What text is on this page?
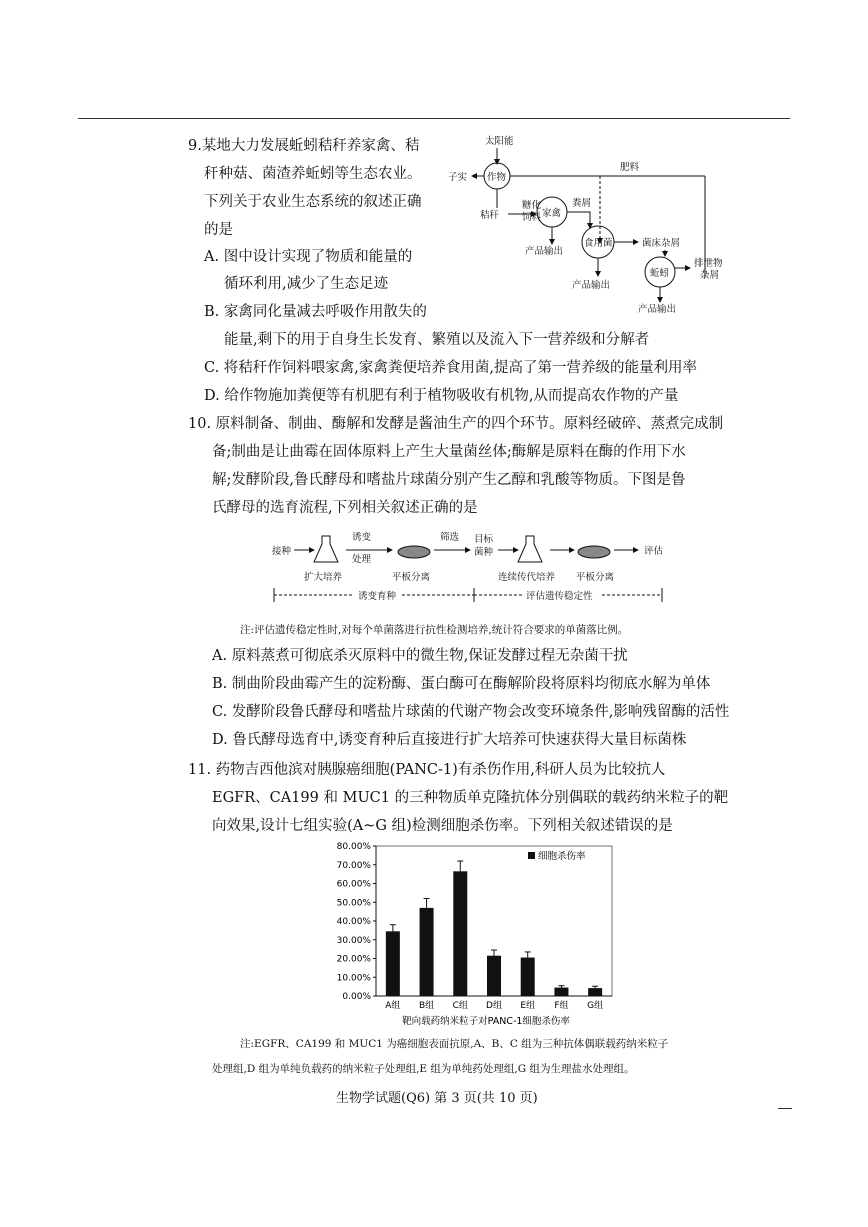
9.某地大力发展蚯蚓秸秆养家禽、秸
秆种菇、菌渣养蚯蚓等生态农业。
下列关于农业生态系统的叙述正确
的是
A. 图中设计实现了物质和能量的
循环利用,减少了生态足迹
B. 家禽同化量减去呼吸作用散失的
能量,剩下的用于自身生长发育、繁殖以及流入下一营养级和分解者
C. 将秸秆作饲料喂家禽,家禽粪便培养食用菌,提高了第一营养级的能量利用率
D. 给作物施加粪便等有机肥有利于植物吸收有机物,从而提高农作物的产量
太阳能
作物
子实
肥料
秸秆
糖化
饲料 家禽
产品输出
粪屑
食用菌	菌床杂屑
产品输出
蚯蚓
排泄物
杂屑
产品输出
10. 原料制备、制曲、酶解和发酵是酱油生产的四个环节。原料经破碎、蒸煮完成制
备;制曲是让曲霉在固体原料上产生大量菌丝体;酶解是原料在酶的作用下水
解;发酵阶段,鲁氏酵母和嗜盐片球菌分别产生乙醇和乳酸等物质。下图是鲁
氏酵母的选育流程,下列相关叙述正确的是
接种
诱变
处理
筛选 目标
菌种	评估
扩大培养	平板分离	连续传代培养 平板分离
诱变育种	评估遗传稳定性
注:评估遗传稳定性时,对每个单菌落进行抗性检测培养,统计符合要求的单菌落比例。
A. 原料蒸煮可彻底杀灭原料中的微生物,保证发酵过程无杂菌干扰
B. 制曲阶段曲霉产生的淀粉酶、蛋白酶可在酶解阶段将原料均彻底水解为单体
C. 发酵阶段鲁氏酵母和嗜盐片球菌的代谢产物会改变环境条件,影响残留酶的活性
D. 鲁氏酵母选育中,诱变育种后直接进行扩大培养可快速获得大量目标菌株
11. 药物吉西他滨对胰腺癌细胞(PANC-1)有杀伤作用,科研人员为比较抗人
EGFR、CA199 和 MUC1 的三种物质单克隆抗体分别偶联的载药纳米粒子的靶
向效果,设计七组实验(A~G 组)检测细胞杀伤率。下列相关叙述错误的是
A组 B组 C组 D组 E组 F组 G组
0.00%
10.00%
20.00%
30.00%
40.00%
50.00%
60.00%
70.00%
80.00%
细胞杀伤率
靶向载药纳米粒子对PANC-1细胞杀伤率
注:EGFR、CA199 和 MUC1 为癌细胞表面抗原,A、B、C 组为三种抗体偶联载药纳米粒子
处理组,D 组为单纯负载药的纳米粒子处理组,E 组为单纯药处理组,G 组为生理盐水处理组。
生物学试题(Q6) 第 3 页(共 10 页)
